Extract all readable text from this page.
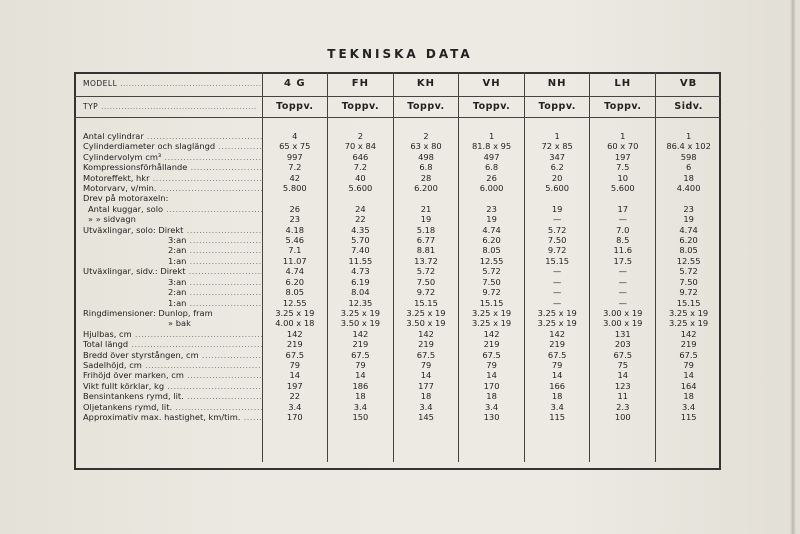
TEKNISKA DATA
MODELL .....	4 G	FH	KH	VH	NH	LH	VB
TYP .....	Toppv.	Toppv.	Toppv.	Toppv.	Toppv.	Toppv.	Sidv.

Antal cylindrar .....	4	2	2	1	1	1	1
Cylinderdiameter och slaglängd .....	65 x 75	70 x 84	63 x 80	81.8 x 95	72 x 85	60 x 70	86.4 x 102
Cylindervolym cm³ .....	997	646	498	497	347	197	598
Kompressionsförhållande .....	7.2	7.2	6.8	6.8	6.2	7.5	6
Motoreffekt, hkr .....	42	40	28	26	20	10	18
Motorvarv, v/min. .....	5.800	5.600	6.200	6.000	5.600	5.600	4.400
Drev på motoraxeln:							
Antal kuggar, solo .....	26	24	21	23	19	17	23
» » sidvagn	23	22	19	19	—	—	19
Utväxlingar, solo: Direkt .....	4.18	4.35	5.18	4.74	5.72	7.0	4.74
3:an .....	5.46	5.70	6.77	6.20	7.50	8.5	6.20
2:an .....	7.1	7.40	8.81	8.05	9.72	11.6	8.05
1:an .....	11.07	11.55	13.72	12.55	15.15	17.5	12.55
Utväxlingar, sidv.: Direkt .....	4.74	4.73	5.72	5.72	—	—	5.72
3:an .....	6.20	6.19	7.50	7.50	—	—	7.50
2:an .....	8.05	8.04	9.72	9.72	—	—	9.72
1:an .....	12.55	12.35	15.15	15.15	—	—	15.15
Ringdimensioner: Dunlop, fram	3.25 x 19	3.25 x 19	3.25 x 19	3.25 x 19	3.25 x 19	3.00 x 19	3.25 x 19
» bak	4.00 x 18	3.50 x 19	3.50 x 19	3.25 x 19	3.25 x 19	3.00 x 19	3.25 x 19
Hjulbas, cm .....	142	142	142	142	142	131	142
Total längd .....	219	219	219	219	219	203	219
Bredd över styrstången, cm .....	67.5	67.5	67.5	67.5	67.5	67.5	67.5
Sadelhöjd, cm .....	79	79	79	79	79	75	79
Frihöjd över marken, cm .....	14	14	14	14	14	14	14
Vikt fullt körklar, kg .....	197	186	177	170	166	123	164
Bensintankens rymd, lit. .....	22	18	18	18	18	11	18
Oljetankens rymd, lit. .....	3.4	3.4	3.4	3.4	3.4	2.3	3.4
Approximativ max. hastighet, km/tim. .....	170	150	145	130	115	100	115
